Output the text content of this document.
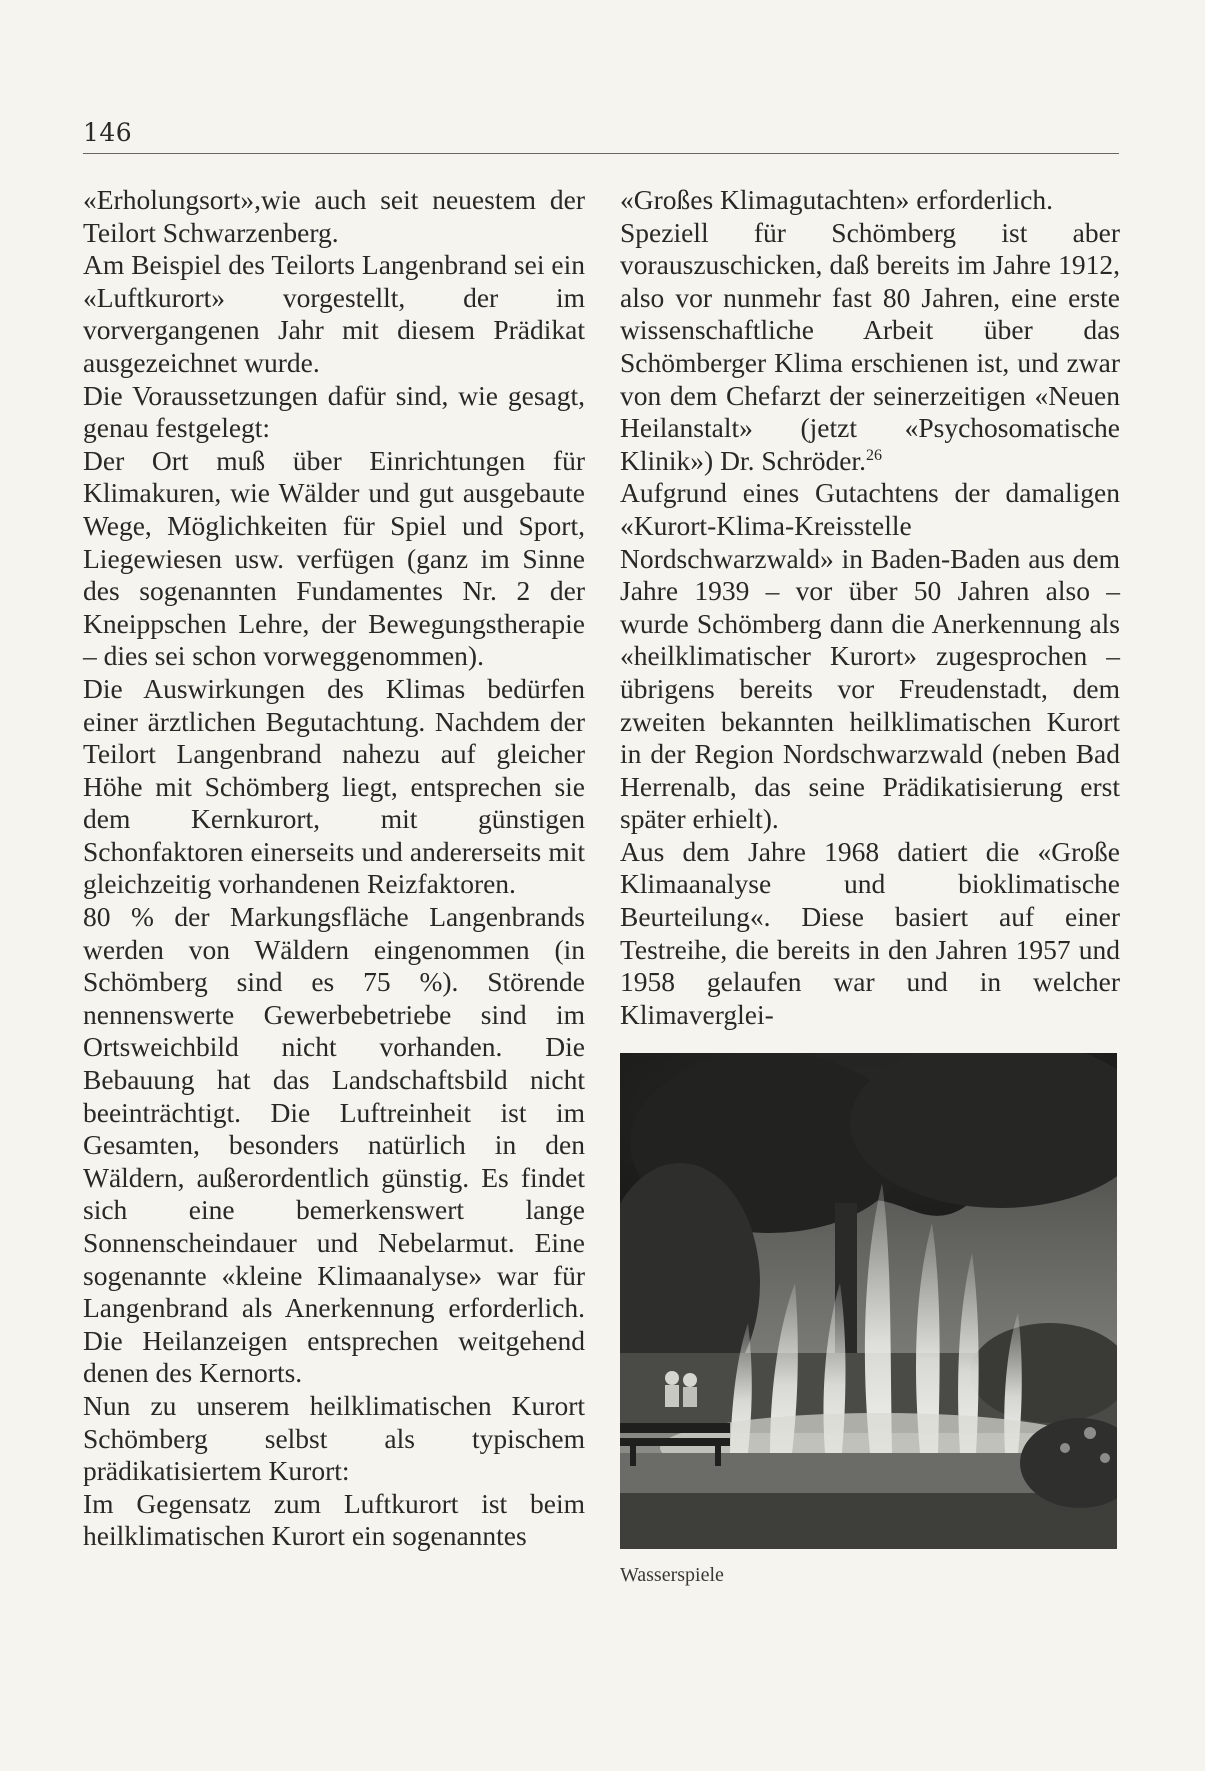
146

«Erholungsort»,wie auch seit neuestem der Teilort Schwarzenberg.

Am Beispiel des Teilorts Langenbrand sei ein «Luftkurort» vorgestellt, der im vorvergangenen Jahr mit diesem Prädikat ausgezeichnet wurde.

Die Voraussetzungen dafür sind, wie gesagt, genau festgelegt:

Der Ort muß über Einrichtungen für Klimakuren, wie Wälder und gut ausgebaute Wege, Möglichkeiten für Spiel und Sport, Liegewiesen usw. verfügen (ganz im Sinne des sogenannten Fundamentes Nr. 2 der Kneippschen Lehre, der Bewegungstherapie – dies sei schon vorweggenommen).

Die Auswirkungen des Klimas bedürfen einer ärztlichen Begutachtung. Nachdem der Teilort Langenbrand nahezu auf gleicher Höhe mit Schömberg liegt, entsprechen sie dem Kernkurort, mit günstigen Schonfaktoren einerseits und andererseits mit gleichzeitig vorhandenen Reizfaktoren.

80 % der Markungsfläche Langenbrands werden von Wäldern eingenommen (in Schömberg sind es 75 %). Störende nennenswerte Gewerbebetriebe sind im Ortsweichbild nicht vorhanden. Die Bebauung hat das Landschaftsbild nicht beeinträchtigt. Die Luftreinheit ist im Gesamten, besonders natürlich in den Wäldern, außerordentlich günstig. Es findet sich eine bemerkenswert lange Sonnenscheindauer und Nebelarmut. Eine sogenannte «kleine Klimaanalyse» war für Langenbrand als Anerkennung erforderlich. Die Heilanzeigen entsprechen weitgehend denen des Kernorts.

Nun zu unserem heilklimatischen Kurort Schömberg selbst als typischem prädikatisiertem Kurort:

Im Gegensatz zum Luftkurort ist beim heilklimatischen Kurort ein sogenanntes

«Großes Klimagutachten» erforderlich.

Speziell für Schömberg ist aber vorauszuschicken, daß bereits im Jahre 1912, also vor nunmehr fast 80 Jahren, eine erste wissenschaftliche Arbeit über das Schömberger Klima erschienen ist, und zwar von dem Chefarzt der seinerzeitigen «Neuen Heilanstalt» (jetzt «Psychosomatische Klinik») Dr. Schröder.$^{26}$

Aufgrund eines Gutachtens der damaligen «Kurort-Klima-Kreisstelle Nordschwarzwald» in Baden-Baden aus dem Jahre 1939 – vor über 50 Jahren also – wurde Schömberg dann die Anerkennung als «heilklimatischer Kurort» zugesprochen – übrigens bereits vor Freudenstadt, dem zweiten bekannten heilklimatischen Kurort in der Region Nordschwarzwald (neben Bad Herrenalb, das seine Prädikatisierung erst später erhielt).

Aus dem Jahre 1968 datiert die «Große Klimaanalyse und bioklimatische Beurteilung«. Diese basiert auf einer Testreihe, die bereits in den Jahren 1957 und 1958 gelaufen war und in welcher Klimaverglei-

Wasserspiele
